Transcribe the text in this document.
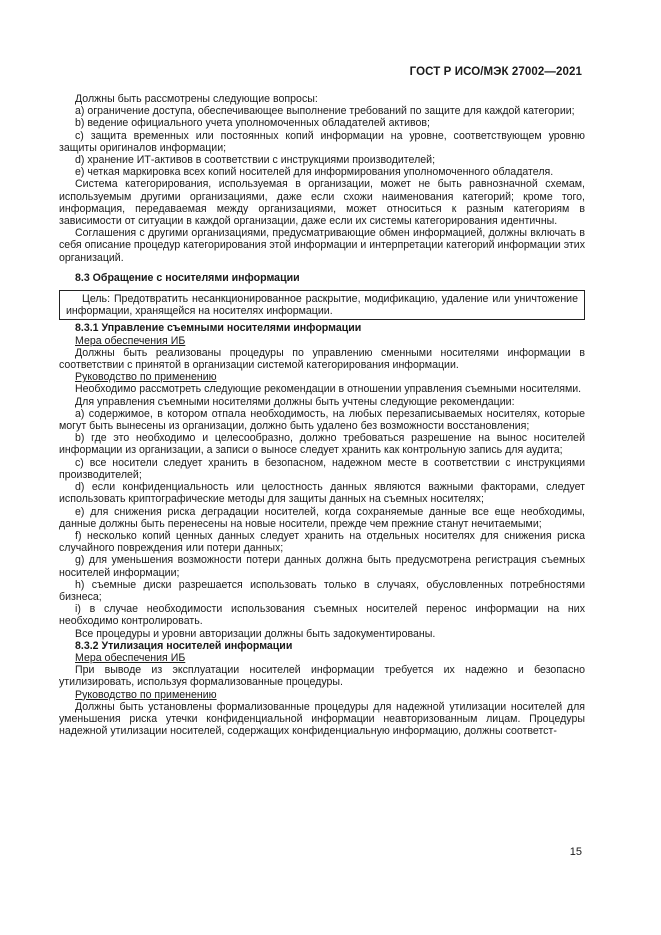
ГОСТ Р ИСО/МЭК 27002—2021

Должны быть рассмотрены следующие вопросы:

а) ограничение доступа, обеспечивающее выполнение требований по защите для каждой категории;

b) ведение официального учета уполномоченных обладателей активов;

c) защита временных или постоянных копий информации на уровне, соответствующем уровню защиты оригиналов информации;

d) хранение ИТ-активов в соответствии с инструкциями производителей;

e) четкая маркировка всех копий носителей для информирования уполномоченного обладателя.

Система категорирования, используемая в организации, может не быть равнозначной схемам, используемым другими организациями, даже если схожи наименования категорий; кроме того, информация, передаваемая между организациями, может относиться к разным категориям в зависимости от ситуации в каждой организации, даже если их системы категорирования идентичны.

Соглашения с другими организациями, предусматривающие обмен информацией, должны включать в себя описание процедур категорирования этой информации и интерпретации категорий информации этих организаций.

8.3 Обращение с носителями информации

Цель: Предотвратить несанкционированное раскрытие, модификацию, удаление или уничтожение информации, хранящейся на носителях информации.

8.3.1 Управление съемными носителями информации

Мера обеспечения ИБ

Должны быть реализованы процедуры по управлению сменными носителями информации в соответствии с принятой в организации системой категорирования информации.

Руководство по применению

Необходимо рассмотреть следующие рекомендации в отношении управления съемными носителями.

Для управления съемными носителями должны быть учтены следующие рекомендации:

а) содержимое, в котором отпала необходимость, на любых перезаписываемых носителях, которые могут быть вынесены из организации, должно быть удалено без возможности восстановления;

b) где это необходимо и целесообразно, должно требоваться разрешение на вынос носителей информации из организации, а записи о выносе следует хранить как контрольную запись для аудита;

c) все носители следует хранить в безопасном, надежном месте в соответствии с инструкциями производителей;

d) если конфиденциальность или целостность данных являются важными факторами, следует использовать криптографические методы для защиты данных на съемных носителях;

e) для снижения риска деградации носителей, когда сохраняемые данные все еще необходимы, данные должны быть перенесены на новые носители, прежде чем прежние станут нечитаемыми;

f) несколько копий ценных данных следует хранить на отдельных носителях для снижения риска случайного повреждения или потери данных;

g) для уменьшения возможности потери данных должна быть предусмотрена регистрация съемных носителей информации;

h) съемные диски разрешается использовать только в случаях, обусловленных потребностями бизнеса;

i) в случае необходимости использования съемных носителей перенос информации на них необходимо контролировать.

Все процедуры и уровни авторизации должны быть задокументированы.

8.3.2 Утилизация носителей информации

Мера обеспечения ИБ

При выводе из эксплуатации носителей информации требуется их надежно и безопасно утилизировать, используя формализованные процедуры.

Руководство по применению

Должны быть установлены формализованные процедуры для надежной утилизации носителей для уменьшения риска утечки конфиденциальной информации неавторизованным лицам. Процедуры надежной утилизации носителей, содержащих конфиденциальную информацию, должны соответст-

15
